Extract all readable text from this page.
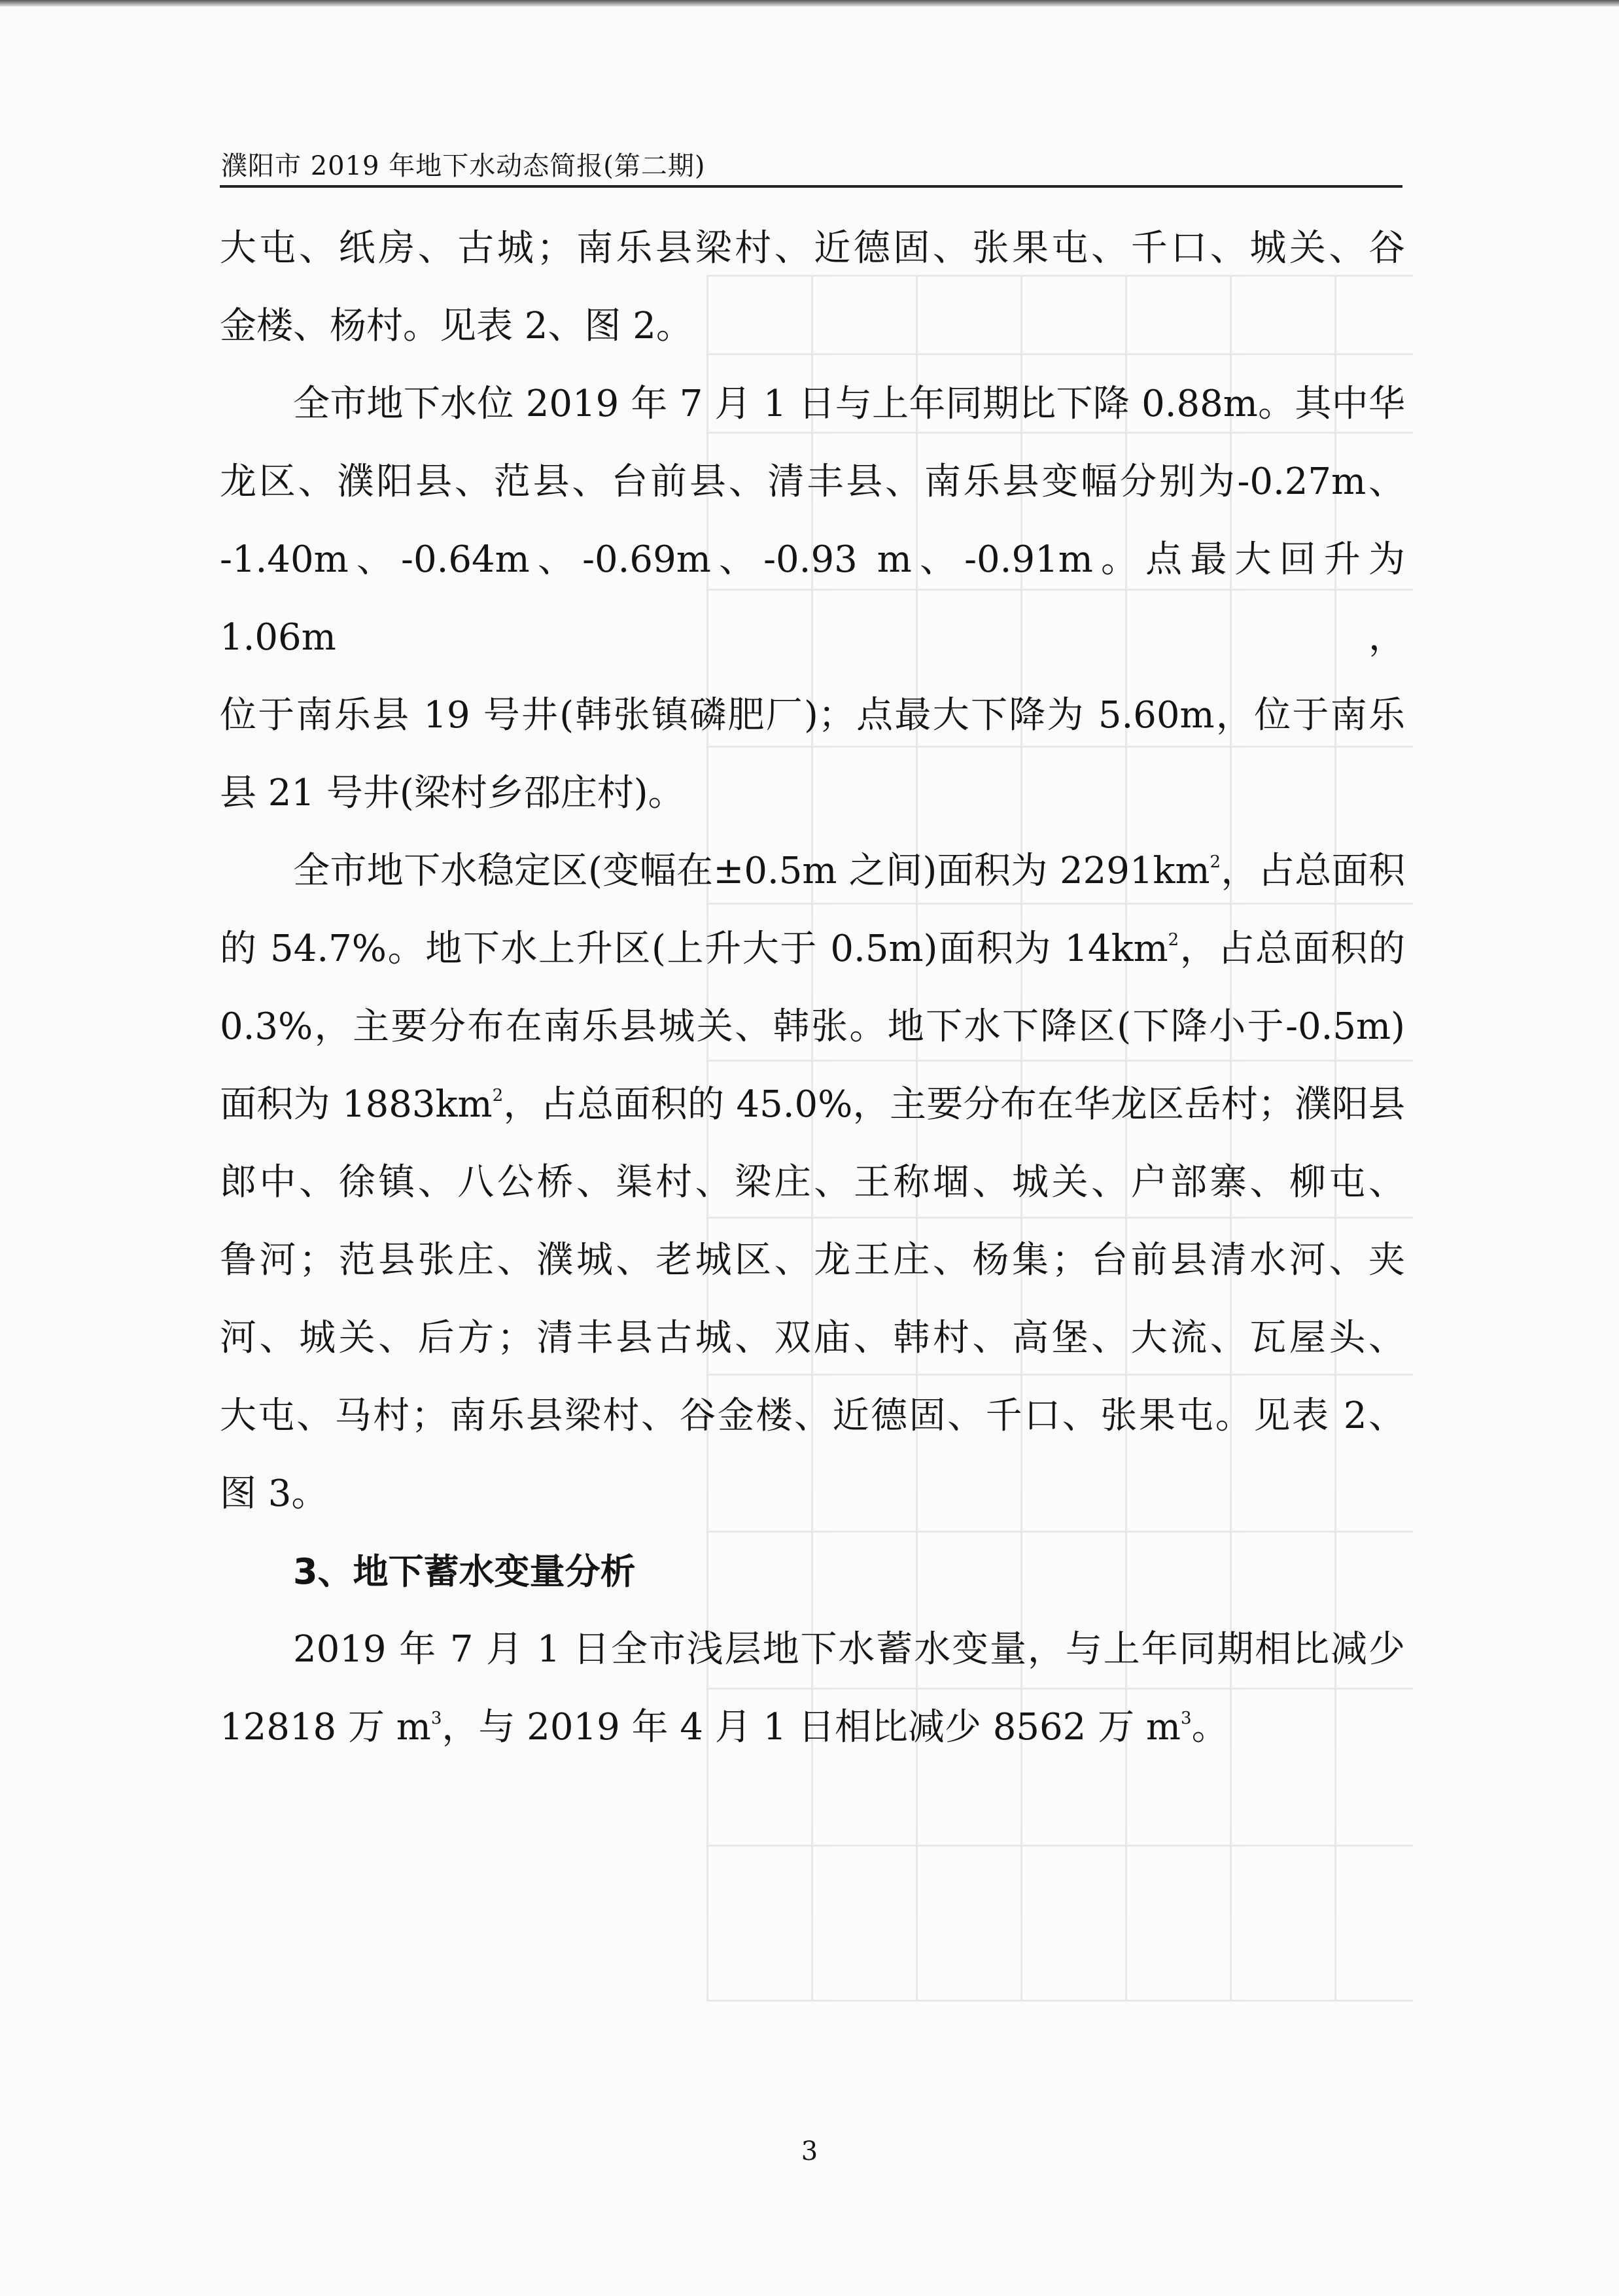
濮阳市 2019 年地下水动态简报(第二期)

大屯、纸房、古城；南乐县梁村、近德固、张果屯、千口、城关、谷

金楼、杨村。见表 2、图 2。

全市地下水位 2019 年 7 月 1 日与上年同期比下降 0.88m。其中华

龙区、濮阳县、范县、台前县、清丰县、南乐县变幅分别为-0.27m、

-1.40m、-0.64m、-0.69m、-0.93 m、-0.91m。点最大回升为 1.06m，

位于南乐县 19 号井(韩张镇磷肥厂)；点最大下降为 5.60m，位于南乐

县 21 号井(梁村乡邵庄村)。

全市地下水稳定区(变幅在±0.5m 之间)面积为 $2291km^2$，占总面积

的 54.7%。地下水上升区(上升大于 0.5m)面积为 $14km^2$，占总面积的

0.3%，主要分布在南乐县城关、韩张。地下水下降区(下降小于-0.5m)

面积为 $1883km^2$，占总面积的 45.0%，主要分布在华龙区岳村；濮阳县

郎中、徐镇、八公桥、渠村、梁庄、王称堌、城关、户部寨、柳屯、

鲁河；范县张庄、濮城、老城区、龙王庄、杨集；台前县清水河、夹

河、城关、后方；清丰县古城、双庙、韩村、高堡、大流、瓦屋头、

大屯、马村；南乐县梁村、谷金楼、近德固、千口、张果屯。见表 2、

图 3。

3、地下蓄水变量分析

2019 年 7 月 1 日全市浅层地下水蓄水变量，与上年同期相比减少

12818 万 $m^3$，与 2019 年 4 月 1 日相比减少 8562 万 $m^3$。

3
